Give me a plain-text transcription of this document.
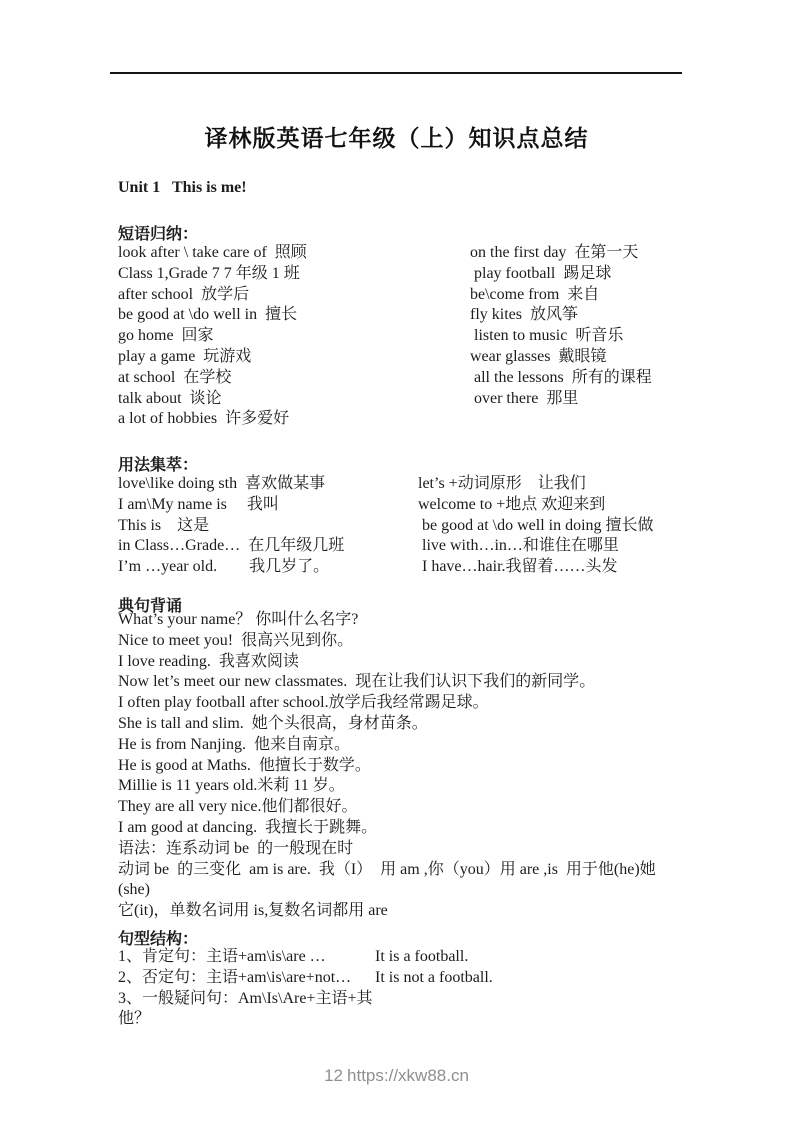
译林版英语七年级（上）知识点总结
Unit 1   This is me!
短语归纳：
look after \ take care of  照顾	on the first day  在第一天
Class 1,Grade 7 7 年级 1 班	play football  踢足球
after school  放学后	be\come from  来自
be good at \do well in  擅长	fly kites  放风筝
go home  回家	listen to music  听音乐
play a game  玩游戏	wear glasses  戴眼镜
at school  在学校	all the lessons  所有的课程
talk about  谈论	over there  那里
a lot of hobbies  许多爱好
用法集萃：
love\like doing sth  喜欢做某事	let’s +动词原形　让我们
I am\My name is　 我叫	welcome to +地点 欢迎来到
This is　这是	be good at \do well in doing 擅长做
in Class…Grade…  在几年级几班	live with…in…和谁住在哪里
I’m …year old.　　我几岁了。	I have…hair.我留着……头发
典句背诵
What’s your name？ 你叫什么名字?
Nice to meet you!  很高兴见到你。
I love reading.  我喜欢阅读
Now let’s meet our new classmates.  现在让我们认识下我们的新同学。
I often play football after school.放学后我经常踢足球。
She is tall and slim.  她个头很高，身材苗条。
He is from Nanjing.  他来自南京。
He is good at Maths.  他擅长于数学。
Millie is 11 years old.米莉 11 岁。
They are all very nice.他们都很好。
I am good at dancing.  我擅长于跳舞。
语法：连系动词 be  的一般现在时
动词 be  的三变化  am is are.  我（I）  用 am ,你（you）用 are ,is  用于他(he)她(she)
它(it)，单数名词用 is,复数名词都用 are
句型结构：
1、肯定句：主语+am\is\are …	It is a football.
2、否定句：主语+am\is\are+not…	It is not a football.
3、一般疑问句：Am\Is\Are+主语+其他？
12 https://xkw88.cn
